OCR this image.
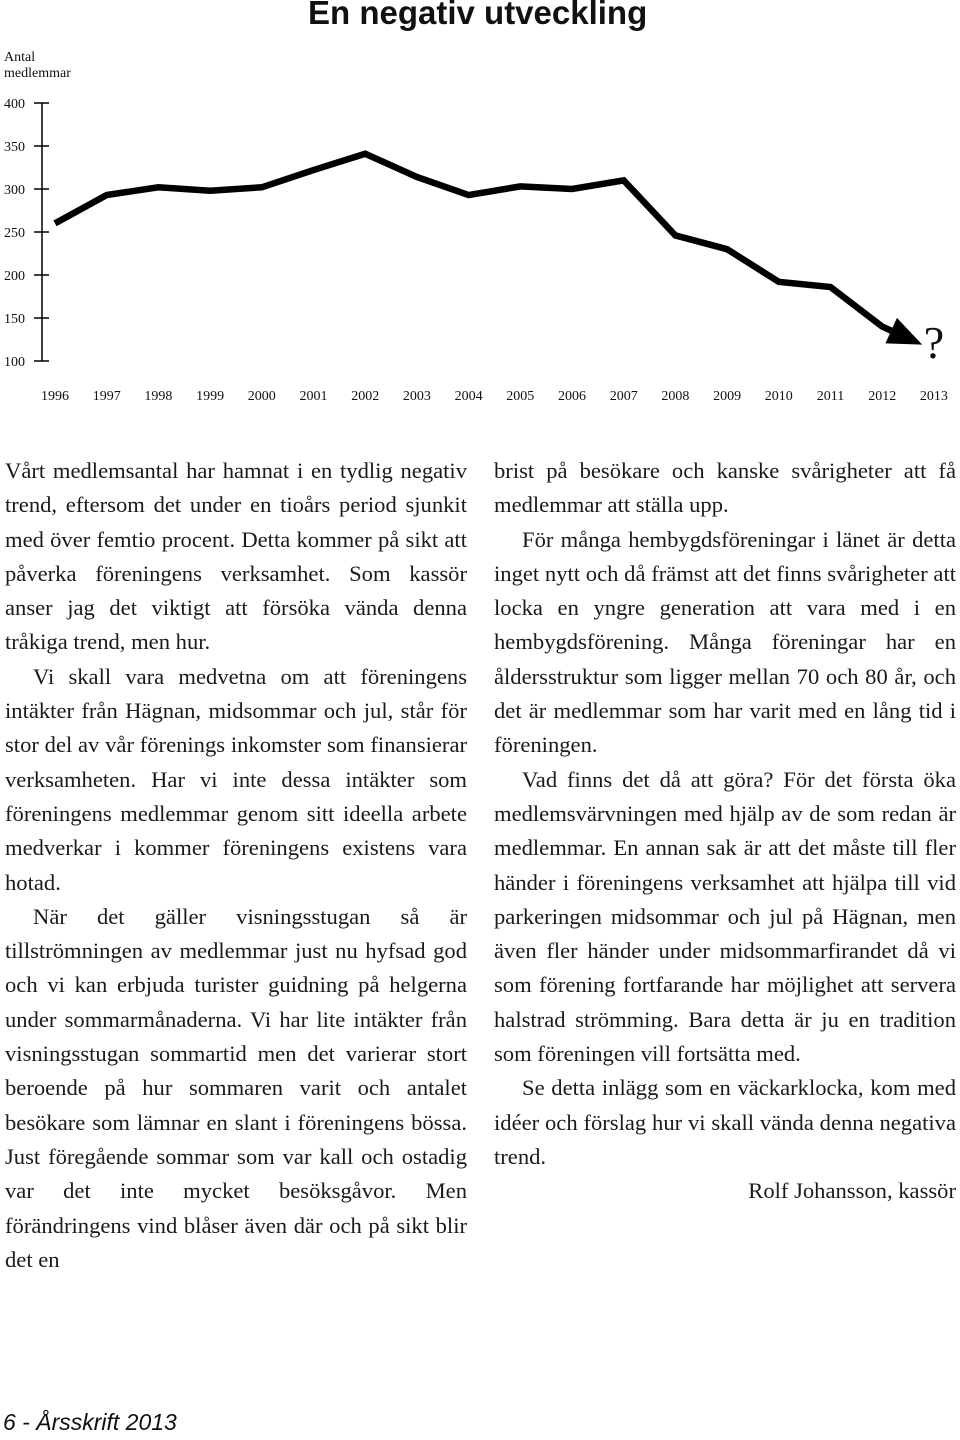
En negativ utveckling
Antal medlemmar
400
350
300
250
200
150
100
1996 1997 1998 1999 2000 2001 2002 2003 2004 2005 2006 2007 2008 2009 2010 2011 2012 2013
?

Vårt medlemsantal har hamnat i en tydlig negativ trend, eftersom det under en tioårs period sjunkit med över femtio procent. Detta kommer på sikt att påverka föreningens verksamhet. Som kassör anser jag det viktigt att försöka vända denna tråkiga trend, men hur.

Vi skall vara medvetna om att föreningens intäkter från Hägnan, midsommar och jul, står för stor del av vår förenings inkomster som finansierar verksamheten. Har vi inte dessa intäkter som föreningens medlemmar genom sitt ideella arbete medverkar i kommer föreningens existens vara hotad.

När det gäller visningsstugan så är tillströmningen av medlemmar just nu hyfsad god och vi kan erbjuda turister guidning på helgerna under sommarmånaderna. Vi har lite intäkter från visningsstugan sommartid men det varierar stort beroende på hur sommaren varit och antalet besökare som lämnar en slant i föreningens bössa. Just föregående sommar som var kall och ostadig var det inte mycket besöksgåvor. Men förändringens vind blåser även där och på sikt blir det en

brist på besökare och kanske svårigheter att få medlemmar att ställa upp.

För många hembygdsföreningar i länet är detta inget nytt och då främst att det finns svårigheter att locka en yngre generation att vara med i en hembygdsförening. Många föreningar har en åldersstruktur som ligger mellan 70 och 80 år, och det är medlemmar som har varit med en lång tid i föreningen.

Vad finns det då att göra? För det första öka medlemsvärvningen med hjälp av de som redan är medlemmar. En annan sak är att det måste till fler händer i föreningens verksamhet att hjälpa till vid parkeringen midsommar och jul på Hägnan, men även fler händer under midsommarfirandet då vi som förening fortfarande har möjlighet att servera halstrad strömming. Bara detta är ju en tradition som föreningen vill fortsätta med.

Se detta inlägg som en väckarklocka, kom med idéer och förslag hur vi skall vända denna negativa trend.

Rolf Johansson, kassör

6 - Årsskrift 2013
